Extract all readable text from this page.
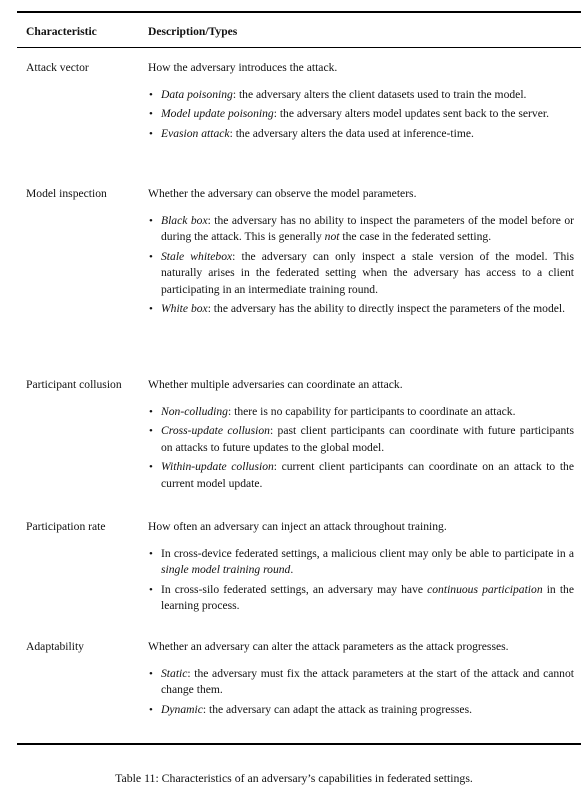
Characteristic	Description/Types
Attack vector	How the adversary introduces the attack.
• Data poisoning: the adversary alters the client datasets used to train the model.
• Model update poisoning: the adversary alters model updates sent back to the server.
• Evasion attack: the adversary alters the data used at inference-time.
Model inspection	Whether the adversary can observe the model parameters.
• Black box: the adversary has no ability to inspect the parameters of the model before or during the attack. This is generally not the case in the federated setting.
• Stale whitebox: the adversary can only inspect a stale version of the model. This naturally arises in the federated setting when the adversary has access to a client participating in an intermediate training round.
• White box: the adversary has the ability to directly inspect the parameters of the model.
Participant collusion	Whether multiple adversaries can coordinate an attack.
• Non-colluding: there is no capability for participants to coordinate an attack.
• Cross-update collusion: past client participants can coordinate with future participants on attacks to future updates to the global model.
• Within-update collusion: current client participants can coordinate on an attack to the current model update.
Participation rate	How often an adversary can inject an attack throughout training.
• In cross-device federated settings, a malicious client may only be able to participate in a single model training round.
• In cross-silo federated settings, an adversary may have continuous participation in the learning process.
Adaptability	Whether an adversary can alter the attack parameters as the attack progresses.
• Static: the adversary must fix the attack parameters at the start of the attack and cannot change them.
• Dynamic: the adversary can adapt the attack as training progresses.
Table 11: Characteristics of an adversary’s capabilities in federated settings.
